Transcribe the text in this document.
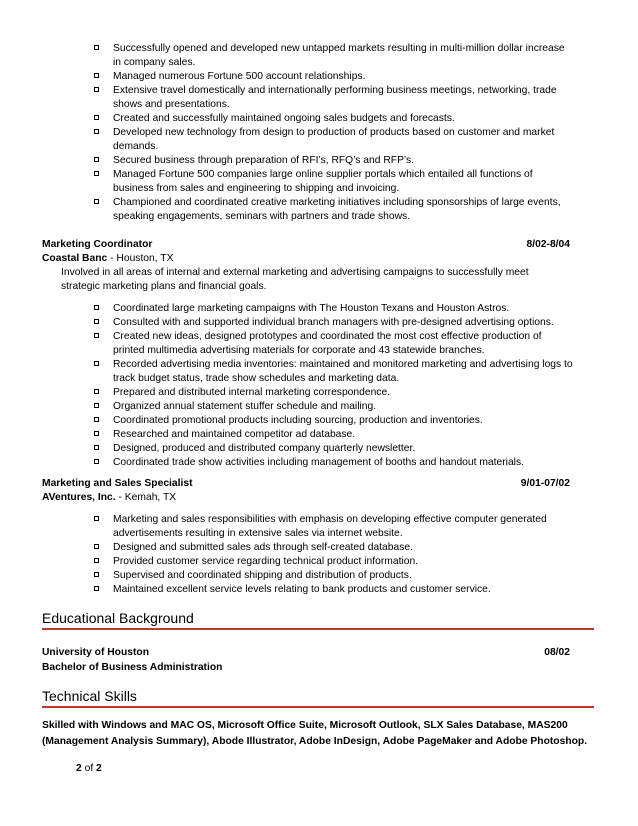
Successfully opened and developed new untapped markets resulting in multi-million dollar increase in company sales.
Managed numerous Fortune 500 account relationships.
Extensive travel domestically and internationally performing business meetings, networking, trade shows and presentations.
Created and successfully maintained ongoing sales budgets and forecasts.
Developed new technology from design to production of products based on customer and market demands.
Secured business through preparation of RFI’s, RFQ’s and RFP’s.
Managed Fortune 500 companies large online supplier portals which entailed all functions of business from sales and engineering to shipping and invoicing.
Championed and coordinated creative marketing initiatives including sponsorships of large events, speaking engagements, seminars with partners and trade shows.
Marketing Coordinator	8/02-8/04
Coastal Banc - Houston, TX
Involved in all areas of internal and external marketing and advertising campaigns to successfully meet strategic marketing plans and financial goals.
Coordinated large marketing campaigns with The Houston Texans and Houston Astros.
Consulted with and supported individual branch managers with pre-designed advertising options.
Created new ideas, designed prototypes and coordinated the most cost effective production of printed multimedia advertising materials for corporate and 43 statewide branches.
Recorded advertising media inventories: maintained and monitored marketing and advertising logs to track budget status, trade show schedules and marketing data.
Prepared and distributed internal marketing correspondence.
Organized annual statement stuffer schedule and mailing.
Coordinated promotional products including sourcing, production and inventories.
Researched and maintained competitor ad database.
Designed, produced and distributed company quarterly newsletter.
Coordinated trade show activities including management of booths and handout materials.
Marketing and Sales Specialist	9/01-07/02
AVentures, Inc. - Kemah, TX
Marketing and sales responsibilities with emphasis on developing effective computer generated advertisements resulting in extensive sales via internet website.
Designed and submitted sales ads through self-created database.
Provided customer service regarding technical product information.
Supervised and coordinated shipping and distribution of products.
Maintained excellent service levels relating to bank products and customer service.
Educational Background
University of Houston	08/02
Bachelor of Business Administration
Technical Skills
Skilled with Windows and MAC OS, Microsoft Office Suite, Microsoft Outlook, SLX Sales Database, MAS200 (Management Analysis Summary), Abode Illustrator, Adobe InDesign, Adobe PageMaker and Adobe Photoshop.
2 of 2
